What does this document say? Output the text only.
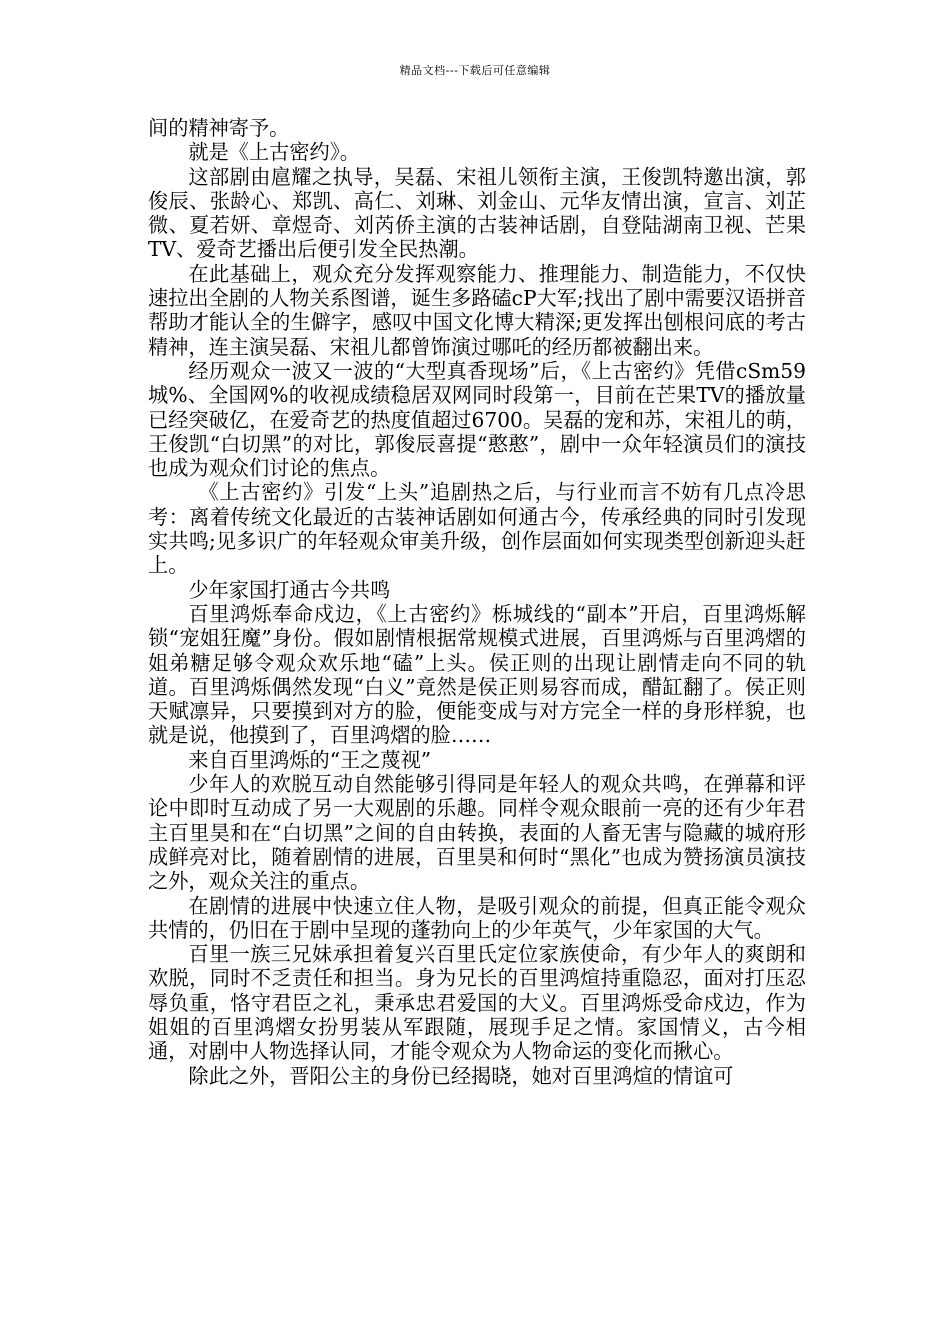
精品文档---下载后可任意编辑

间的精神寄予。

就是《上古密约》。

这部剧由扈耀之执导，吴磊、宋祖儿领衔主演，王俊凯特邀出演，郭俊辰、张龄心、郑凯、高仁、刘琳、刘金山、元华友情出演，宣言、刘芷微、夏若妍、章煜奇、刘芮侨主演的古装神话剧，自登陆湖南卫视、芒果TV、爱奇艺播出后便引发全民热潮。

在此基础上，观众充分发挥观察能力、推理能力、制造能力，不仅快速拉出全剧的人物关系图谱，诞生多路磕cP大军;找出了剧中需要汉语拼音帮助才能认全的生僻字，感叹中国文化博大精深;更发挥出刨根问底的考古精神，连主演吴磊、宋祖儿都曾饰演过哪吒的经历都被翻出来。

经历观众一波又一波的“大型真香现场”后，《上古密约》凭借cSm59城%、全国网%的收视成绩稳居双网同时段第一，目前在芒果TV的播放量已经突破亿，在爱奇艺的热度值超过6700。吴磊的宠和苏，宋祖儿的萌，王俊凯“白切黑”的对比，郭俊辰喜提“憨憨”，剧中一众年轻演员们的演技也成为观众们讨论的焦点。

《上古密约》引发“上头”追剧热之后，与行业而言不妨有几点冷思考：离着传统文化最近的古装神话剧如何通古今，传承经典的同时引发现实共鸣;见多识广的年轻观众审美升级，创作层面如何实现类型创新迎头赶上。

少年家国打通古今共鸣

百里鸿烁奉命戍边，《上古密约》栎城线的“副本”开启，百里鸿烁解锁“宠姐狂魔”身份。假如剧情根据常规模式进展，百里鸿烁与百里鸿熠的姐弟糖足够令观众欢乐地“磕”上头。侯正则的出现让剧情走向不同的轨道。百里鸿烁偶然发现“白义”竟然是侯正则易容而成，醋缸翻了。侯正则天赋凛异，只要摸到对方的脸，便能变成与对方完全一样的身形样貌，也就是说，他摸到了，百里鸿熠的脸……

来自百里鸿烁的“王之蔑视”

少年人的欢脱互动自然能够引得同是年轻人的观众共鸣，在弹幕和评论中即时互动成了另一大观剧的乐趣。同样令观众眼前一亮的还有少年君主百里昊和在“白切黑”之间的自由转换，表面的人畜无害与隐藏的城府形成鲜亮对比，随着剧情的进展，百里昊和何时“黑化”也成为赞扬演员演技之外，观众关注的重点。

在剧情的进展中快速立住人物，是吸引观众的前提，但真正能令观众共情的，仍旧在于剧中呈现的蓬勃向上的少年英气，少年家国的大气。

百里一族三兄妹承担着复兴百里氏定位家族使命，有少年人的爽朗和欢脱，同时不乏责任和担当。身为兄长的百里鸿煊持重隐忍，面对打压忍辱负重，恪守君臣之礼，秉承忠君爱国的大义。百里鸿烁受命戍边，作为姐姐的百里鸿熠女扮男装从军跟随，展现手足之情。家国情义，古今相通，对剧中人物选择认同，才能令观众为人物命运的变化而揪心。

除此之外，晋阳公主的身份已经揭晓，她对百里鸿煊的情谊可
